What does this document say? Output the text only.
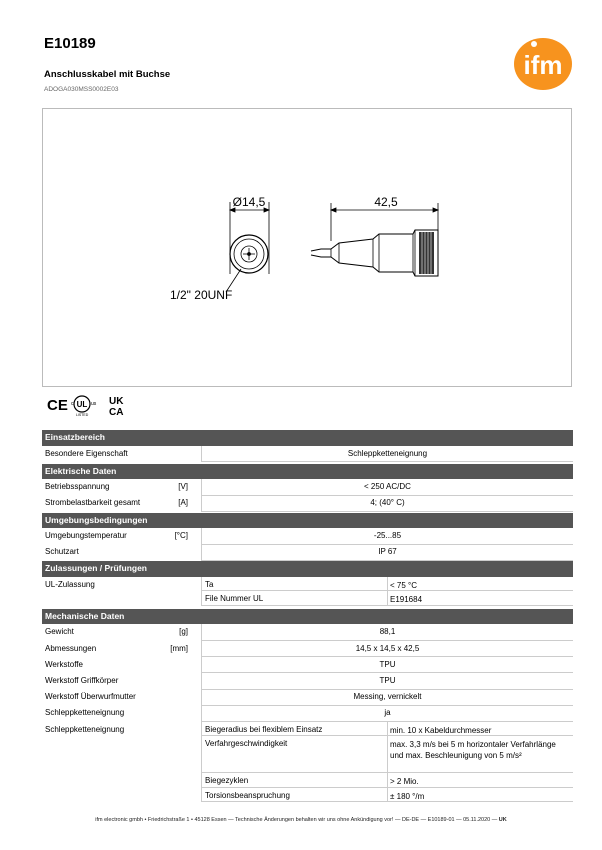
E10189
Anschlusskabel mit Buchse
ADOGA030MSS0002E03
ifm
Ø14,5	42,5
1/2" 20UNF
CE UL
c	us
LISTED
UK
CA
Einsatzbereich
Besondere Eigenschaft	Schleppketteneignung
Elektrische Daten
Betriebsspannung	[V]	< 250 AC/DC
Strombelastbarkeit gesamt	[A]	4; (40° C)
Umgebungsbedingungen
Umgebungstemperatur	[°C]	-25...85
Schutzart	IP 67
Zulassungen / Prüfungen
UL-Zulassung	Ta	< 75 °C
File Nummer UL	E191684
Mechanische Daten
Gewicht	[g]	88,1
Abmessungen	[mm]	14,5 x 14,5 x 42,5
Werkstoffe	TPU
Werkstoff Griffkörper	TPU
Werkstoff Überwurfmutter	Messing, vernickelt
Schleppketteneignung	ja
Schleppketteneignung	Biegeradius bei flexiblem Einsatz	min. 10 x Kabeldurchmesser
Verfahrgeschwindigkeit	max. 3,3 m/s bei 5 m horizontaler Verfahrlänge und max. Beschleunigung von 5 m/s²
Biegezyklen	> 2 Mio.
Torsionsbeanspruchung	± 180 °/m
ifm electronic gmbh • Friedrichstraße 1 • 45128 Essen — Technische Änderungen behalten wir uns ohne Ankündigung vor! — DE-DE — E10189-01 — 05.11.2020 — UK
